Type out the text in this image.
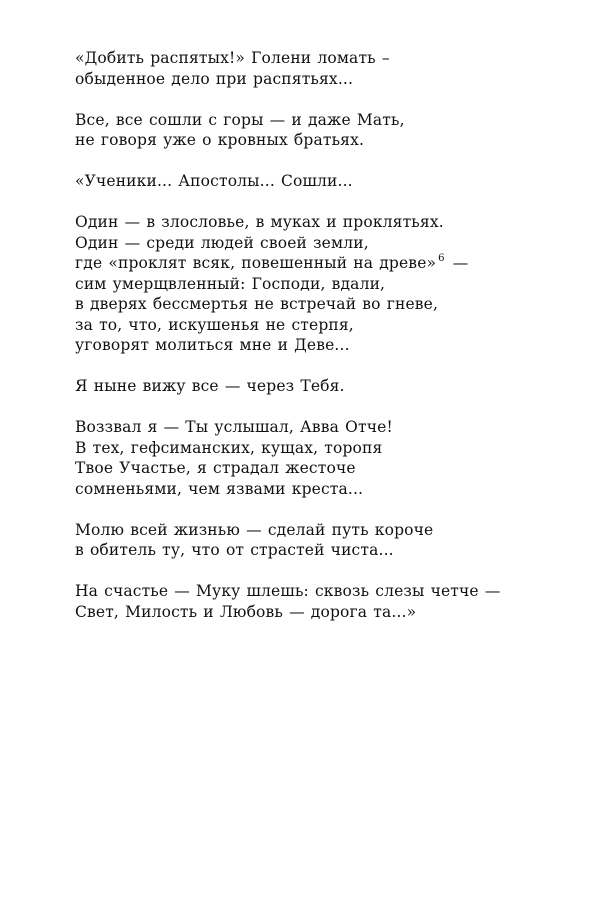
«Добить распятых!» Голени ломать –
обыденное дело при распятьях...
Все, все сошли с горы — и даже Мать,
не говоря уже о кровных братьях.
«Ученики... Апостолы... Сошли...
Один — в злословье, в муках и проклятьях.
Один — среди людей своей земли,
где «проклят всяк, повешенный на древе» $^6$ —
сим умерщвленный: Господи, вдали,
в дверях бессмертья не встречай во гневе,
за то, что, искушенья не стерпя,
уговорят молиться мне и Деве...
Я ныне вижу все — через Тебя.
Воззвал я — Ты услышал, Авва Отче!
В тех, гефсиманских, кущах, торопя
Твое Участье, я страдал жесточе
сомненьями, чем язвами креста...
Молю всей жизнью — сделай путь короче
в обитель ту, что от страстей чиста...
На счастье — Муку шлешь: сквозь слезы четче —
Свет, Милость и Любовь — дорога та...»
